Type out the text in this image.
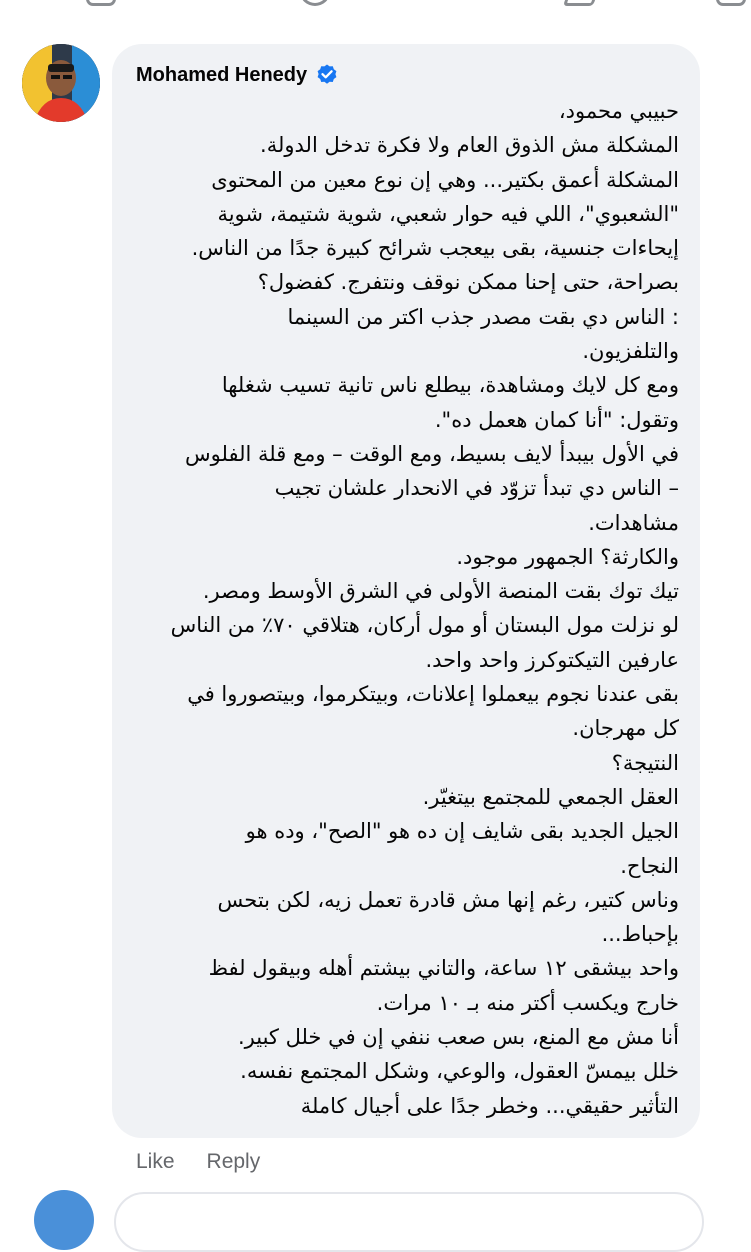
Mohamed Henedy

حبيبي محمود،

المشكلة مش الذوق العام ولا فكرة تدخل الدولة.

المشكلة أعمق بكتير... وهي إن نوع معين من المحتوى

"الشعبوي"، اللي فيه حوار شعبي، شوية شتيمة، شوية

إيحاءات جنسية، بقى بيعجب شرائح كبيرة جدًا من الناس.

بصراحة، حتى إحنا ممكن نوقف ونتفرج. كفضول؟

: الناس دي بقت مصدر جذب اكتر من السينما

والتلفزيون.

ومع كل لايك ومشاهدة، بيطلع ناس تانية تسيب شغلها

وتقول: "أنا كمان هعمل ده".

في الأول بيبدأ لايف بسيط، ومع الوقت – ومع قلة الفلوس

– الناس دي تبدأ تزوّد في الانحدار علشان تجيب

مشاهدات.

والكارثة؟ الجمهور موجود.

تيك توك بقت المنصة الأولى في الشرق الأوسط ومصر.

لو نزلت مول البستان أو مول أركان، هتلاقي ٧٠٪ من الناس

عارفين التيكتوكرز واحد واحد.

بقى عندنا نجوم بيعملوا إعلانات، وبيتكرموا، وبيتصوروا في

كل مهرجان.

النتيجة؟

العقل الجمعي للمجتمع بيتغيّر.

الجيل الجديد بقى شايف إن ده هو "الصح"، وده هو

النجاح.

وناس كتير، رغم إنها مش قادرة تعمل زيه، لكن بتحس

بإحباط...

واحد بيشقى ١٢ ساعة، والتاني بيشتم أهله وبيقول لفظ

خارج ويكسب أكتر منه بـ ١٠ مرات.

أنا مش مع المنع، بس صعب ننفي إن في خلل كبير.

خلل بيمسّ العقول، والوعي، وشكل المجتمع نفسه.

التأثير حقيقي... وخطر جدًا على أجيال كاملة

Like Reply
